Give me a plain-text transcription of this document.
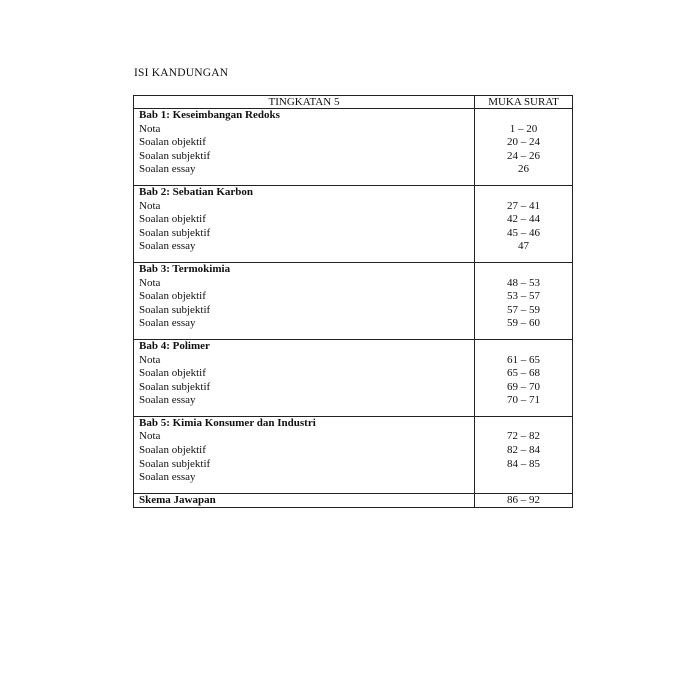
ISI KANDUNGAN
TINGKATAN 5	MUKA SURAT
Bab 1: Keseimbangan Redoks
Nota
Soalan objektif
Soalan subjektif
Soalan essay
1 – 20
20 – 24
24 – 26
26
Bab 2: Sebatian Karbon
Nota
Soalan objektif
Soalan subjektif
Soalan essay
27 – 41
42 – 44
45 – 46
47
Bab 3: Termokimia
Nota
Soalan objektif
Soalan subjektif
Soalan essay
48 – 53
53 – 57
57 – 59
59 – 60
Bab 4: Polimer
Nota
Soalan objektif
Soalan subjektif
Soalan essay
61 – 65
65 – 68
69 – 70
70 – 71
Bab 5: Kimia Konsumer dan Industri
Nota
Soalan objektif
Soalan subjektif
Soalan essay
72 – 82
82 – 84
84 – 85
Skema Jawapan	86 – 92
